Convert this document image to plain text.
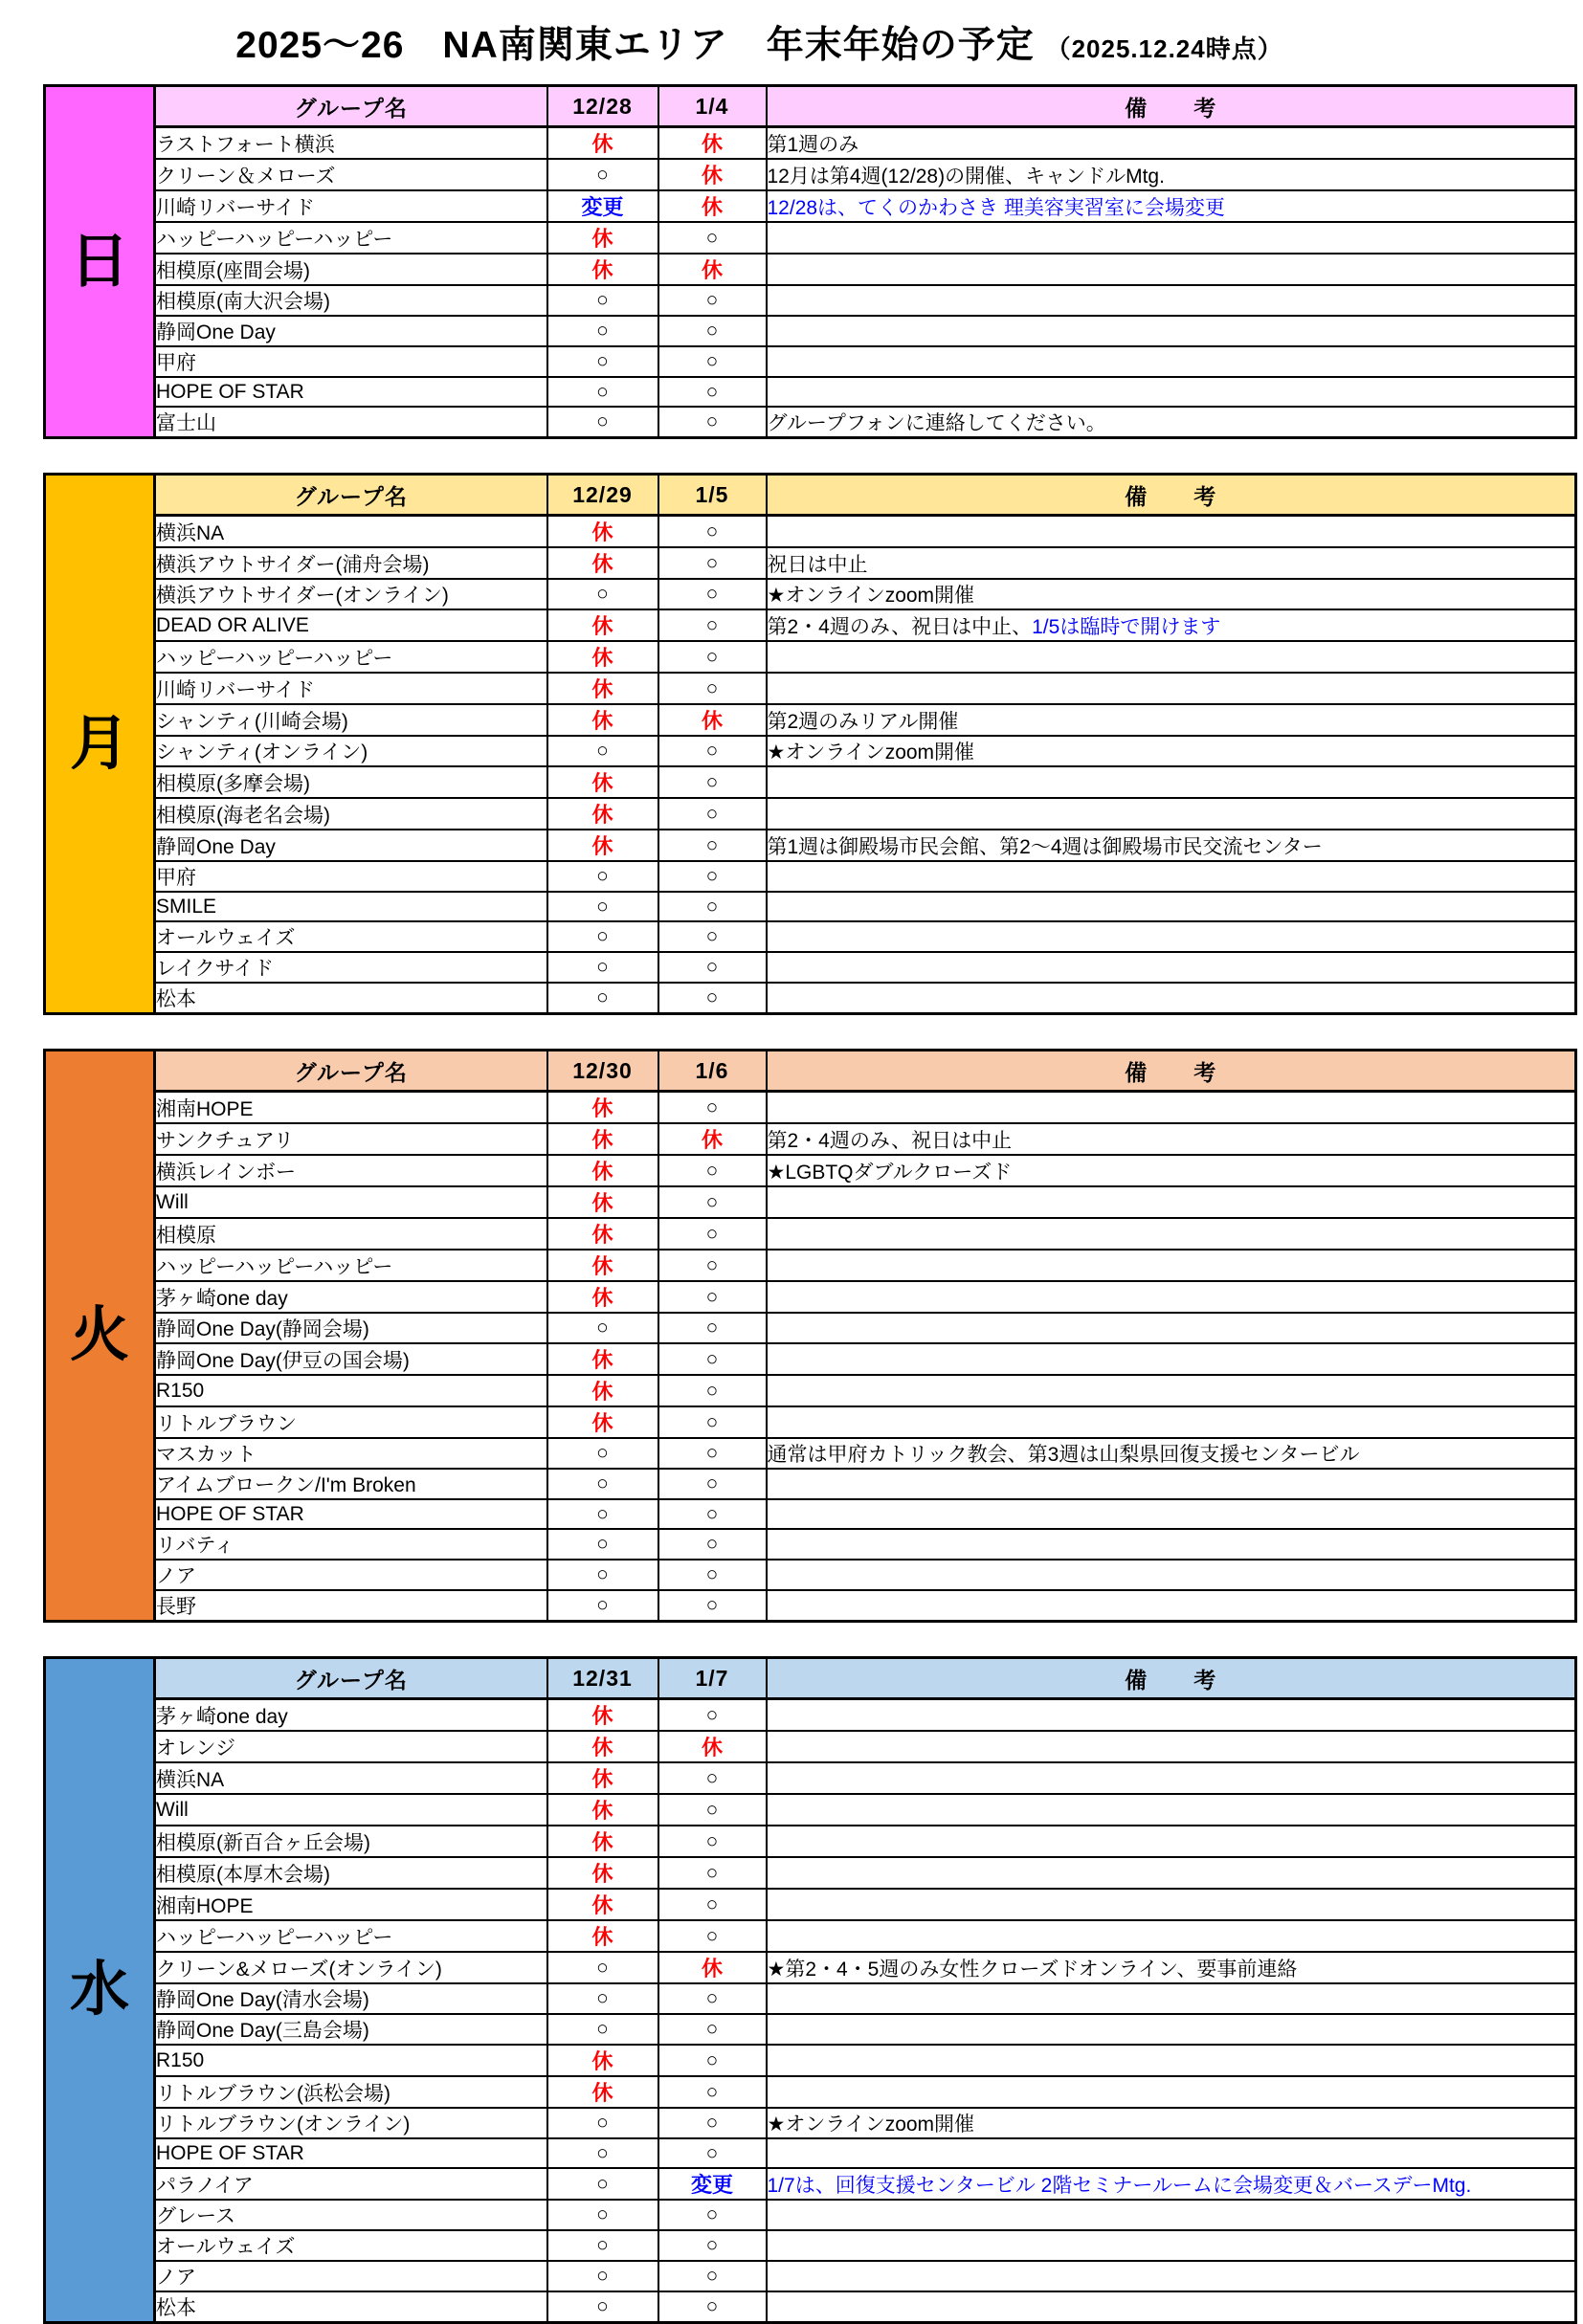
2025〜26　NA南関東エリア　年末年始の予定 （2025.12.24時点）
日
グループ名	12/28	1/4	備　　考
ラストフォート横浜	休	休	第1週のみ
クリーン＆メローズ	○	休	12月は第4週(12/28)の開催、キャンドルMtg.
川崎リバーサイド	変更	休	12/28は、てくのかわさき 理美容実習室に会場変更
ハッピーハッピーハッピー	休	○	
相模原(座間会場)	休	休	
相模原(南大沢会場)	○	○	
静岡One Day	○	○	
甲府	○	○	
HOPE OF STAR	○	○	
富士山	○	○	グループフォンに連絡してください。
月
グループ名	12/29	1/5	備　　考
横浜NA	休	○	
横浜アウトサイダー(浦舟会場)	休	○	祝日は中止
横浜アウトサイダー(オンライン)	○	○	★オンラインzoom開催
DEAD OR ALIVE	休	○	第2・4週のみ、祝日は中止、1/5は臨時で開けます
ハッピーハッピーハッピー	休	○	
川崎リバーサイド	休	○	
シャンティ(川崎会場)	休	休	第2週のみリアル開催
シャンティ(オンライン)	○	○	★オンラインzoom開催
相模原(多摩会場)	休	○	
相模原(海老名会場)	休	○	
静岡One Day	休	○	第1週は御殿場市民会館、第2〜4週は御殿場市民交流センター
甲府	○	○	
SMILE	○	○	
オールウェイズ	○	○	
レイクサイド	○	○	
松本	○	○	
火
グループ名	12/30	1/6	備　　考
湘南HOPE	休	○	
サンクチュアリ	休	休	第2・4週のみ、祝日は中止
横浜レインボー	休	○	★LGBTQダブルクローズド
Will	休	○	
相模原	休	○	
ハッピーハッピーハッピー	休	○	
茅ヶ崎one day	休	○	
静岡One Day(静岡会場)	○	○	
静岡One Day(伊豆の国会場)	休	○	
R150	休	○	
リトルブラウン	休	○	
マスカット	○	○	通常は甲府カトリック教会、第3週は山梨県回復支援センタービル
アイムブロークン/I'm Broken	○	○	
HOPE OF STAR	○	○	
リバティ	○	○	
ノア	○	○	
長野	○	○	
水
グループ名	12/31	1/7	備　　考
茅ヶ崎one day	休	○	
オレンジ	休	休	
横浜NA	休	○	
Will	休	○	
相模原(新百合ヶ丘会場)	休	○	
相模原(本厚木会場)	休	○	
湘南HOPE	休	○	
ハッピーハッピーハッピー	休	○	
クリーン&メローズ(オンライン)	○	休	★第2・4・5週のみ女性クローズドオンライン、要事前連絡
静岡One Day(清水会場)	○	○	
静岡One Day(三島会場)	○	○	
R150	休	○	
リトルブラウン(浜松会場)	休	○	
リトルブラウン(オンライン)	○	○	★オンラインzoom開催
HOPE OF STAR	○	○	
パラノイア	○	変更	1/7は、回復支援センタービル 2階セミナールームに会場変更＆バースデーMtg.
グレース	○	○	
オールウェイズ	○	○	
ノア	○	○	
松本	○	○	
